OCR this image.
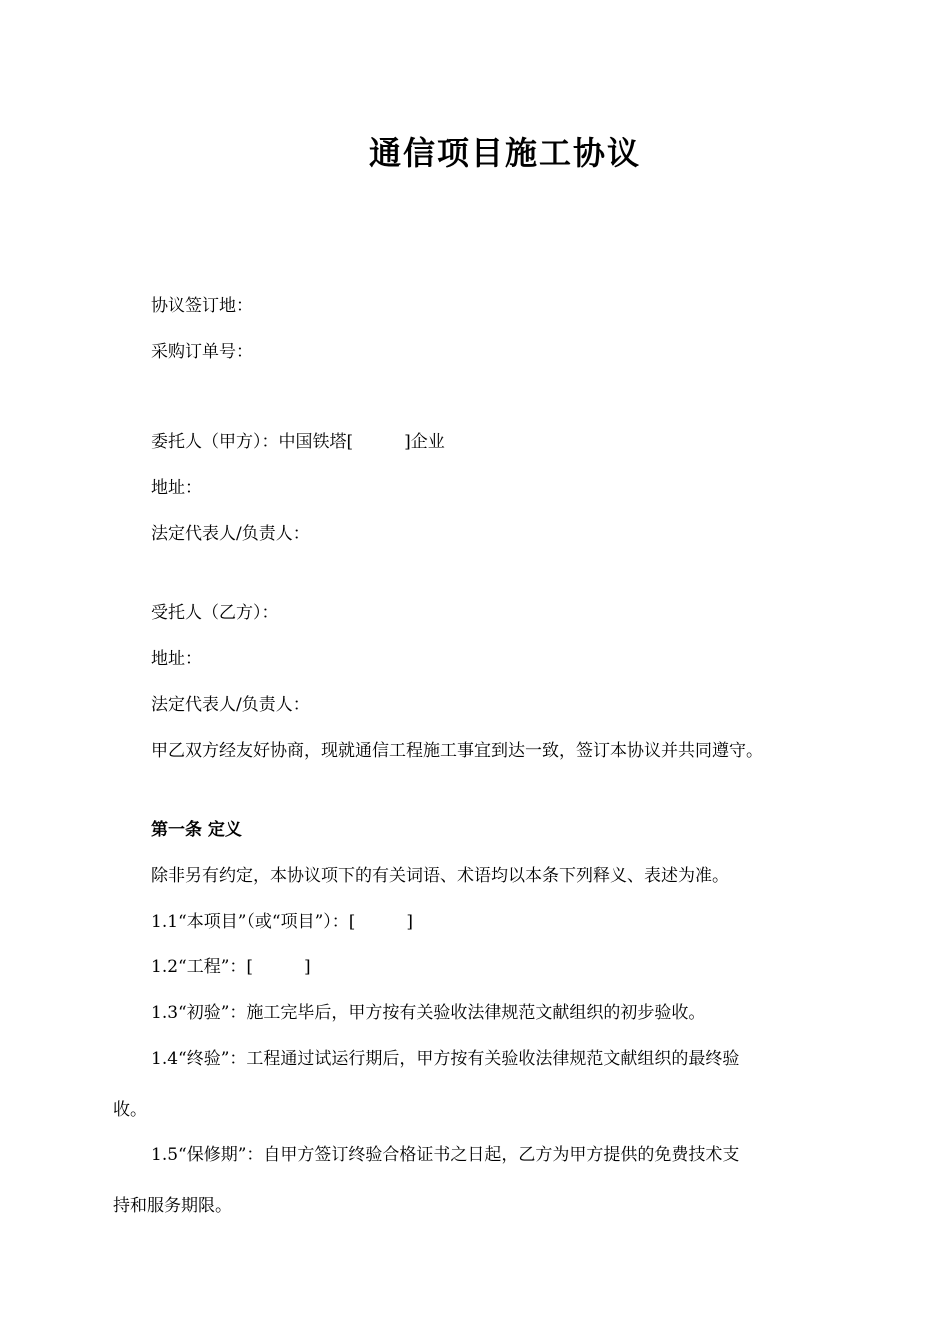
通信项目施工协议
协议签订地：
采购订单号：
委托人（甲方）：中国铁塔[　　　]企业
地址：
法定代表人/负责人：
受托人（乙方）：
地址：
法定代表人/负责人：
甲乙双方经友好协商，现就通信工程施工事宜到达一致，签订本协议并共同遵守。
第一条 定义
除非另有约定，本协议项下的有关词语、术语均以本条下列释义、表述为准。
1.1“本项目”（或“项目”）：[　　　]
1.2“工程”：[　　　]
1.3“初验”：施工完毕后，甲方按有关验收法律规范文献组织的初步验收。
1.4“终验”：工程通过试运行期后，甲方按有关验收法律规范文献组织的最终验
收。
1.5“保修期”：自甲方签订终验合格证书之日起，乙方为甲方提供的免费技术支
持和服务期限。
